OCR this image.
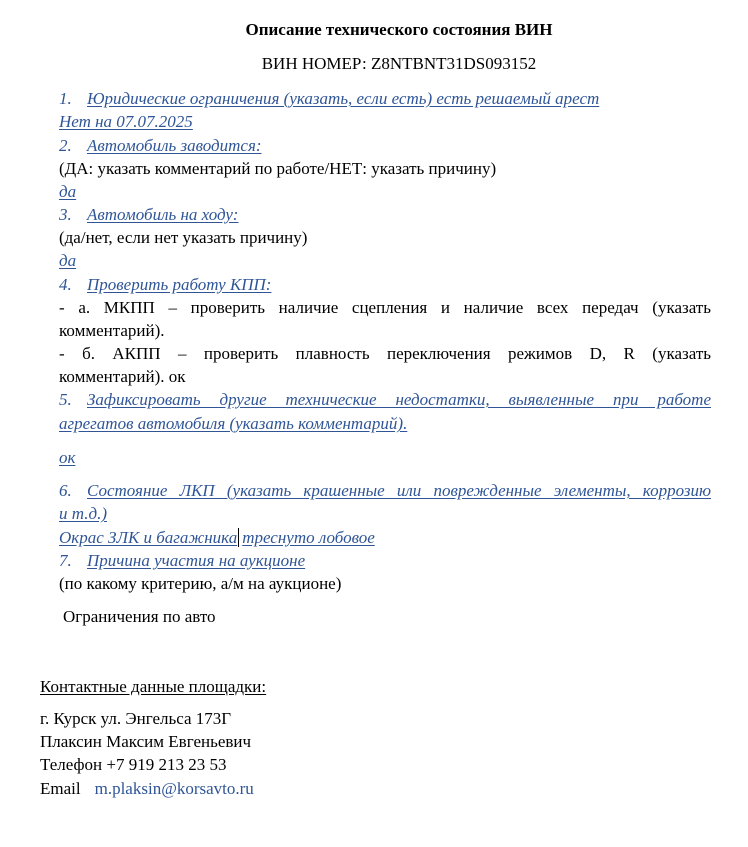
Описание технического состояния ВИН
ВИН НОМЕР: Z8NTBNT31DS093152
1. Юридические ограничения (указать, если есть) есть решаемый арест
Нет на 07.07.2025
2. Автомобиль заводится:
(ДА: указать комментарий по работе/НЕТ: указать причину)
да
3. Автомобиль на ходу:
(да/нет, если нет указать причину)
да
4. Проверить работу КПП:
- а. МКПП – проверить наличие сцепления и наличие всех передач (указать
комментарий).
- б. АКПП – проверить плавность переключения режимов D, R (указать
комментарий). ок
5. Зафиксировать другие технические недостатки, выявленные при работе
агрегатов автомобиля (указать комментарий).
ок
6. Состояние ЛКП (указать крашенные или поврежденные элементы, коррозию
и т.д.)
Окрас ЗЛК и багажника треснуто лобовое
7. Причина участия на аукционе
(по какому критерию, а/м на аукционе)
Ограничения по авто
Контактные данные площадки:
г. Курск ул. Энгельса 173Г
Плаксин Максим Евгеньевич
Телефон +7 919 213 23 53
Email m.plaksin@korsavto.ru
